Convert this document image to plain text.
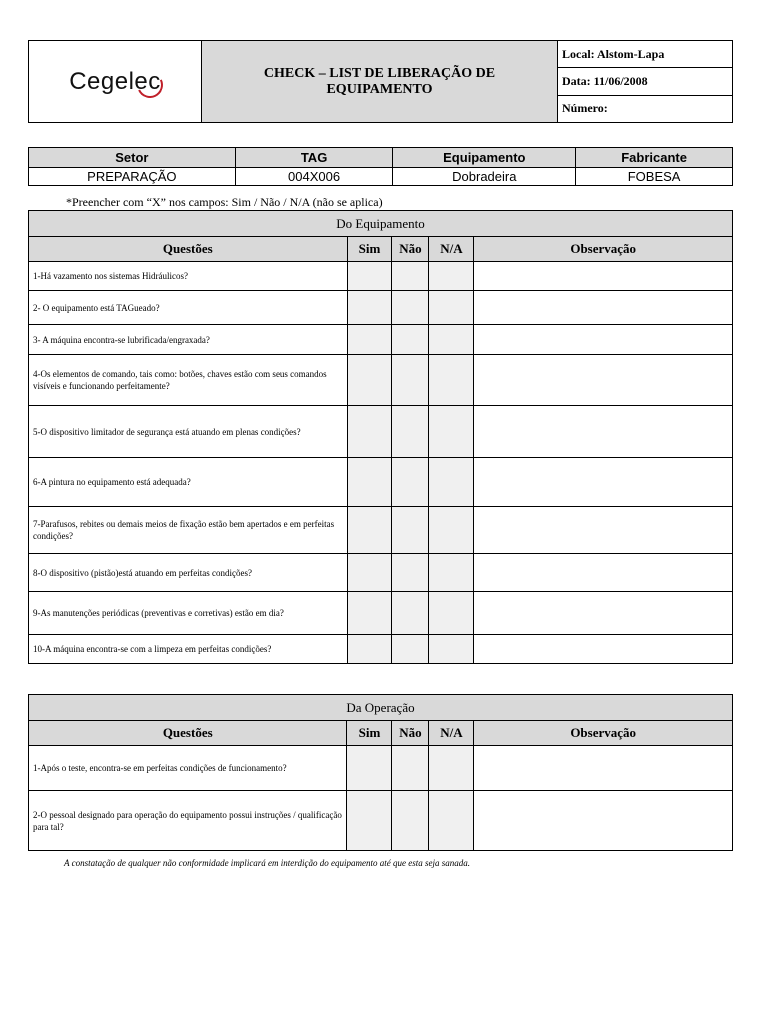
Cegelec	CHECK – LIST DE LIBERAÇÃO DE
EQUIPAMENTO
	Local: Alstom-Lapa
Data: 11/06/2008
Número:
Setor	TAG	Equipamento	Fabricante
PREPARAÇÃO	004X006	Dobradeira	FOBESA
*Preencher com “X” nos campos: Sim / Não / N/A (não se aplica)
Do Equipamento				
Questões	Sim	Não	N/A	Observação
1-Há vazamento nos sistemas Hidráulicos?				
2- O equipamento está TAGueado?				
3- A máquina encontra-se lubrificada/engraxada?				
4-Os elementos de comando, tais como: botões, chaves estão com seus comandos visíveis e funcionando perfeitamente?				
5-O dispositivo limitador de segurança está atuando em plenas condições?				
6-A pintura no equipamento está adequada?				
7-Parafusos, rebites ou demais meios de fixação estão bem apertados e em perfeitas condições?				
8-O dispositivo (pistão)está atuando em perfeitas condições?				
9-As manutenções periódicas (preventivas e corretivas) estão em dia?				
10-A máquina encontra-se com a limpeza em perfeitas condições?				
Da Operação				
Questões	Sim	Não	N/A	Observação
1-Após o teste, encontra-se em perfeitas condições de funcionamento?				
2-O pessoal designado para operação do equipamento possui instruções / qualificação para tal?				
A constatação de qualquer não conformidade implicará em interdição do equipamento até que esta seja sanada.
